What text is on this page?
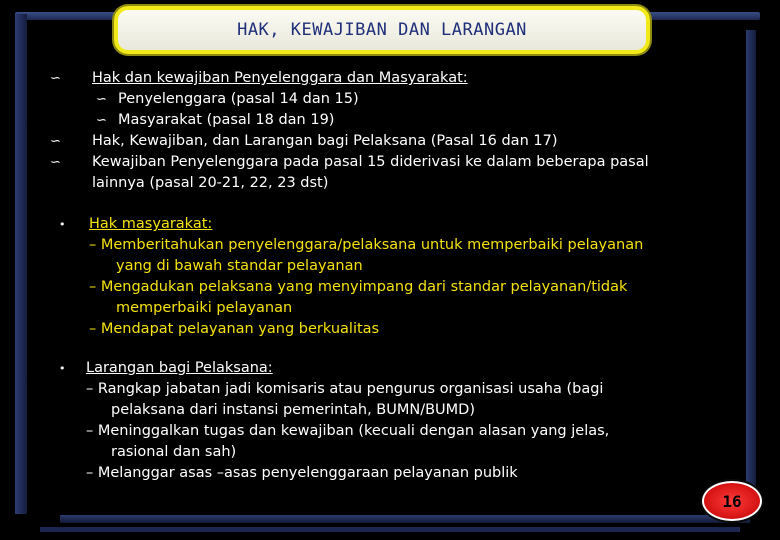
HAK, KEWAJIBAN DAN LARANGAN
∽ Hak dan kewajiban Penyelenggara dan Masyarakat:
∽ Penyelenggara (pasal 14 dan 15)
∽ Masyarakat (pasal 18 dan 19)
∽ Hak, Kewajiban, dan Larangan bagi Pelaksana (Pasal 16 dan 17)
∽ Kewajiban Penyelenggara pada pasal 15 diderivasi ke dalam beberapa pasal
lainnya (pasal 20-21, 22, 23 dst)
• Hak masyarakat:
– Memberitahukan penyelenggara/pelaksana untuk memperbaiki pelayanan
yang di bawah standar pelayanan
– Mengadukan pelaksana yang menyimpang dari standar pelayanan/tidak
memperbaiki pelayanan
– Mendapat pelayanan yang berkualitas
• Larangan bagi Pelaksana:
– Rangkap jabatan jadi komisaris atau pengurus organisasi usaha (bagi
pelaksana dari instansi pemerintah, BUMN/BUMD)
– Meninggalkan tugas dan kewajiban (kecuali dengan alasan yang jelas,
rasional dan sah)
– Melanggar asas –asas penyelenggaraan pelayanan publik
16
